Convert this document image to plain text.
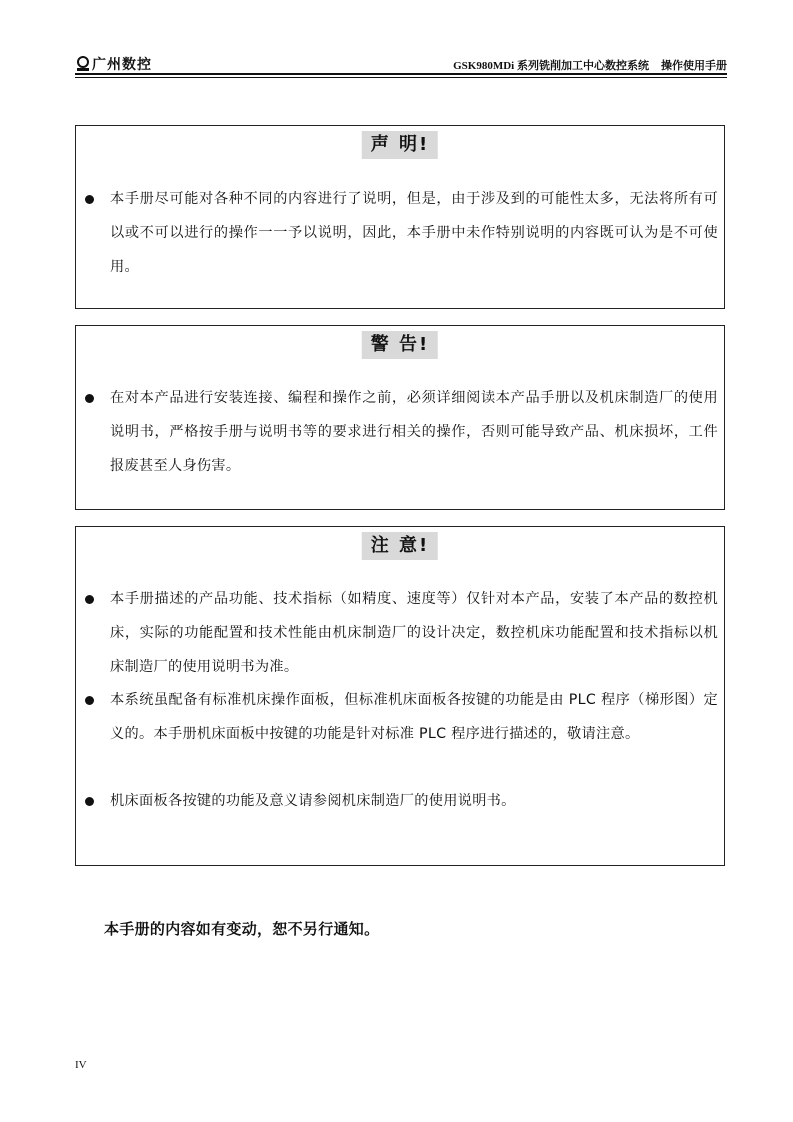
广州数控	GSK980MDi 系列铣削加工中心数控系统 操作使用手册
声 明!
本手册尽可能对各种不同的内容进行了说明，但是，由于涉及到的可能性太多，无法将所有可以或不可以进行的操作一一予以说明，因此，本手册中未作特别说明的内容既可认为是不可使用。
警 告!
在对本产品进行安装连接、编程和操作之前，必须详细阅读本产品手册以及机床制造厂的使用说明书，严格按手册与说明书等的要求进行相关的操作，否则可能导致产品、机床损坏，工件报废甚至人身伤害。
注 意!
本手册描述的产品功能、技术指标（如精度、速度等）仅针对本产品，安装了本产品的数控机床，实际的功能配置和技术性能由机床制造厂的设计决定，数控机床功能配置和技术指标以机床制造厂的使用说明书为准。
本系统虽配备有标准机床操作面板，但标准机床面板各按键的功能是由 PLC 程序（梯形图）定义的。本手册机床面板中按键的功能是针对标准 PLC 程序进行描述的，敬请注意。
机床面板各按键的功能及意义请参阅机床制造厂的使用说明书。
本手册的内容如有变动，恕不另行通知。
IV
